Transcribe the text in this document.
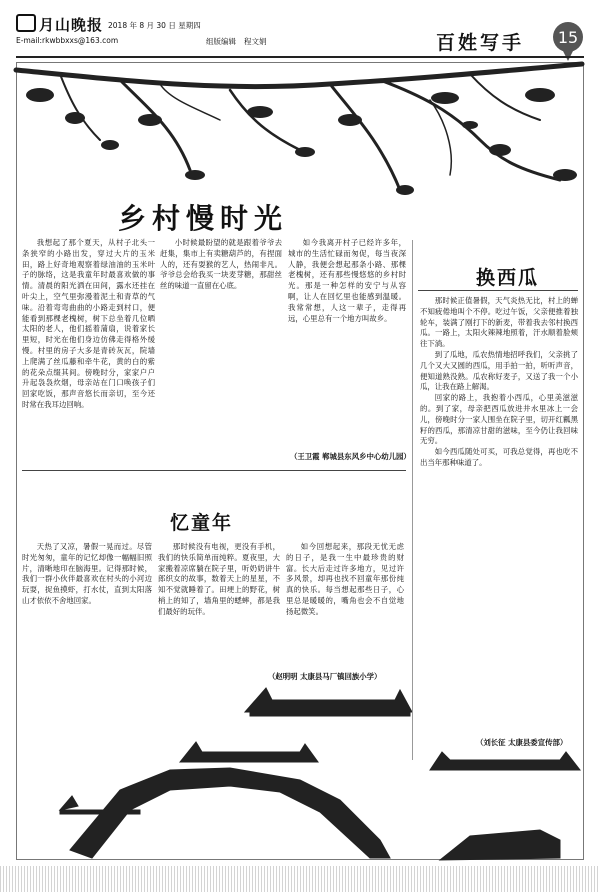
月山晚报
E-mail:rkwbbxxs@163.com
2018 年 8 月 30 日 星期四
组版编辑 程文娟	百姓写手 15
乡村慢时光

我想起了那个夏天，从村子北头一条狭窄的小路出发，穿过大片的玉米田，路上好奇地观察着绿油油的玉米叶子的脉络，这是我童年时最喜欢做的事情。清晨的阳光洒在田间，露水还挂在叶尖上，空气里弥漫着泥土和青草的气味。沿着弯弯曲曲的小路走到村口，便能看到那棵老槐树，树下总坐着几位晒太阳的老人，他们摇着蒲扇，说着家长里短，时光在他们身边仿佛走得格外缓慢。村里的房子大多是青砖灰瓦，院墙上爬满了丝瓜藤和牵牛花，黄的白的紫的花朵点缀其间。傍晚时分，家家户户升起袅袅炊烟，母亲站在门口唤孩子们回家吃饭，那声音悠长而亲切，至今还时常在我耳边回响。

小时候最盼望的就是跟着爷爷去赶集，集市上有卖糖葫芦的，有捏面人的，还有耍猴的艺人，热闹非凡。爷爷总会给我买一块麦芽糖，那甜丝丝的味道一直留在心底。

如今我离开村子已经许多年，城市的生活忙碌而匆促，每当夜深人静，我便会想起那条小路、那棵老槐树，还有那些慢悠悠的乡村时光。那是一种怎样的安宁与从容啊，让人在回忆里也能感到温暖。我常常想，人这一辈子，走得再远，心里总有一个地方叫故乡。

（王卫霞 郸城县东风乡中心幼儿园）
忆童年

天热了又凉，暑假一晃而过。尽管时光匆匆，童年的记忆却像一幅幅旧照片，清晰地印在脑海里。记得那时候，我们一群小伙伴最喜欢在村头的小河边玩耍，捉鱼摸虾，打水仗，直到太阳落山才依依不舍地回家。

那时候没有电视，更没有手机，我们的快乐简单而纯粹。夏夜里，大家搬着凉席躺在院子里，听奶奶讲牛郎织女的故事，数着天上的星星，不知不觉就睡着了。田埂上的野花，树梢上的知了，墙角里的蟋蟀，都是我们最好的玩伴。

如今回想起来，那段无忧无虑的日子，是我一生中最珍贵的财富。长大后走过许多地方，见过许多风景，却再也找不回童年那份纯真的快乐。每当想起那些日子，心里总是暖暖的，嘴角也会不自觉地扬起微笑。

（赵明明 太康县马厂镇回族小学）
换西瓜

那时候正值暑假，天气炎热无比，村上的蝉不知疲倦地叫个不停。吃过午饭，父亲便推着独轮车，装满了刚打下的新麦，带着我去邻村换西瓜。一路上，太阳火辣辣地照着，汗水顺着脸颊往下淌。

到了瓜地，瓜农热情地招呼我们，父亲挑了几个又大又圆的西瓜，用手拍一拍，听听声音，便知道熟没熟。瓜农称好麦子，又送了我一个小瓜，让我在路上解渴。

回家的路上，我抱着小西瓜，心里美滋滋的。到了家，母亲把西瓜放进井水里冰上一会儿，傍晚时分一家人围坐在院子里，切开红瓤黑籽的西瓜，那清凉甘甜的滋味，至今仍让我回味无穷。

如今西瓜随处可买，可我总觉得，再也吃不出当年那种味道了。

（刘长征 太康县委宣传部）
